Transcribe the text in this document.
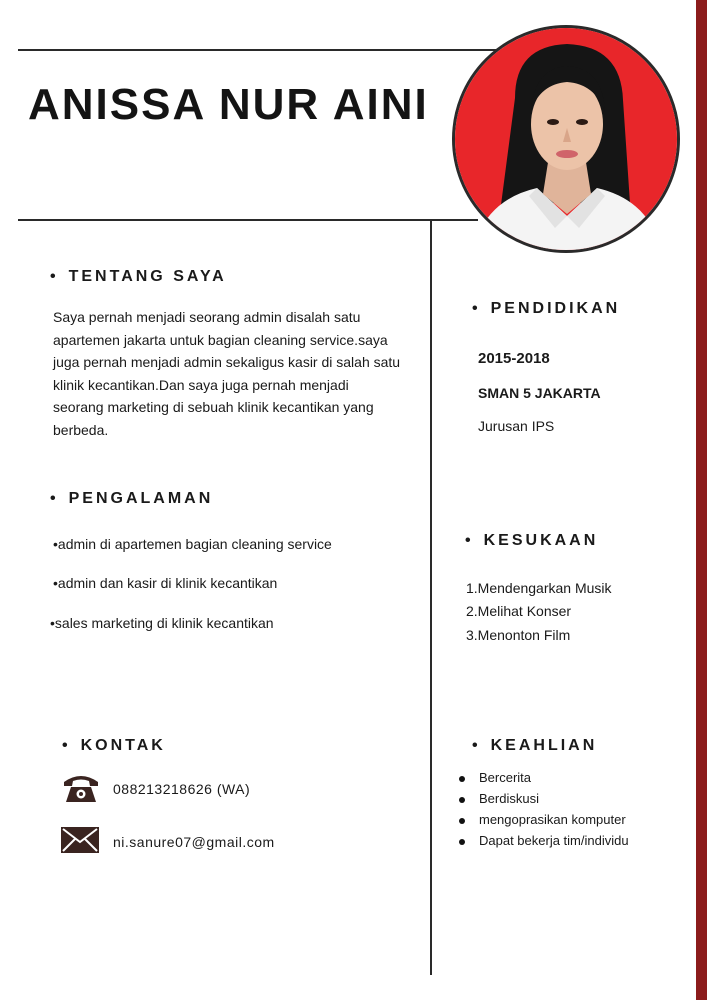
ANISSA NUR AINI
• TENTANG SAYA
Saya pernah menjadi seorang admin disalah satu apartemen jakarta untuk bagian cleaning service.saya juga pernah menjadi admin sekaligus kasir di salah satu klinik kecantikan.Dan saya juga pernah menjadi seorang marketing di sebuah klinik kecantikan yang berbeda.
• PENGALAMAN
•admin di apartemen bagian cleaning service
•admin dan kasir di klinik kecantikan
•sales marketing di klinik kecantikan
• KONTAK
088213218626 (WA)
ni.sanure07@gmail.com
• PENDIDIKAN
2015-2018
SMAN 5 JAKARTA
Jurusan IPS
• KESUKAAN
1.Mendengarkan Musik
2.Melihat Konser
3.Menonton Film
• KEAHLIAN
Bercerita
Berdiskusi
mengoprasikan komputer
Dapat bekerja tim/individu
